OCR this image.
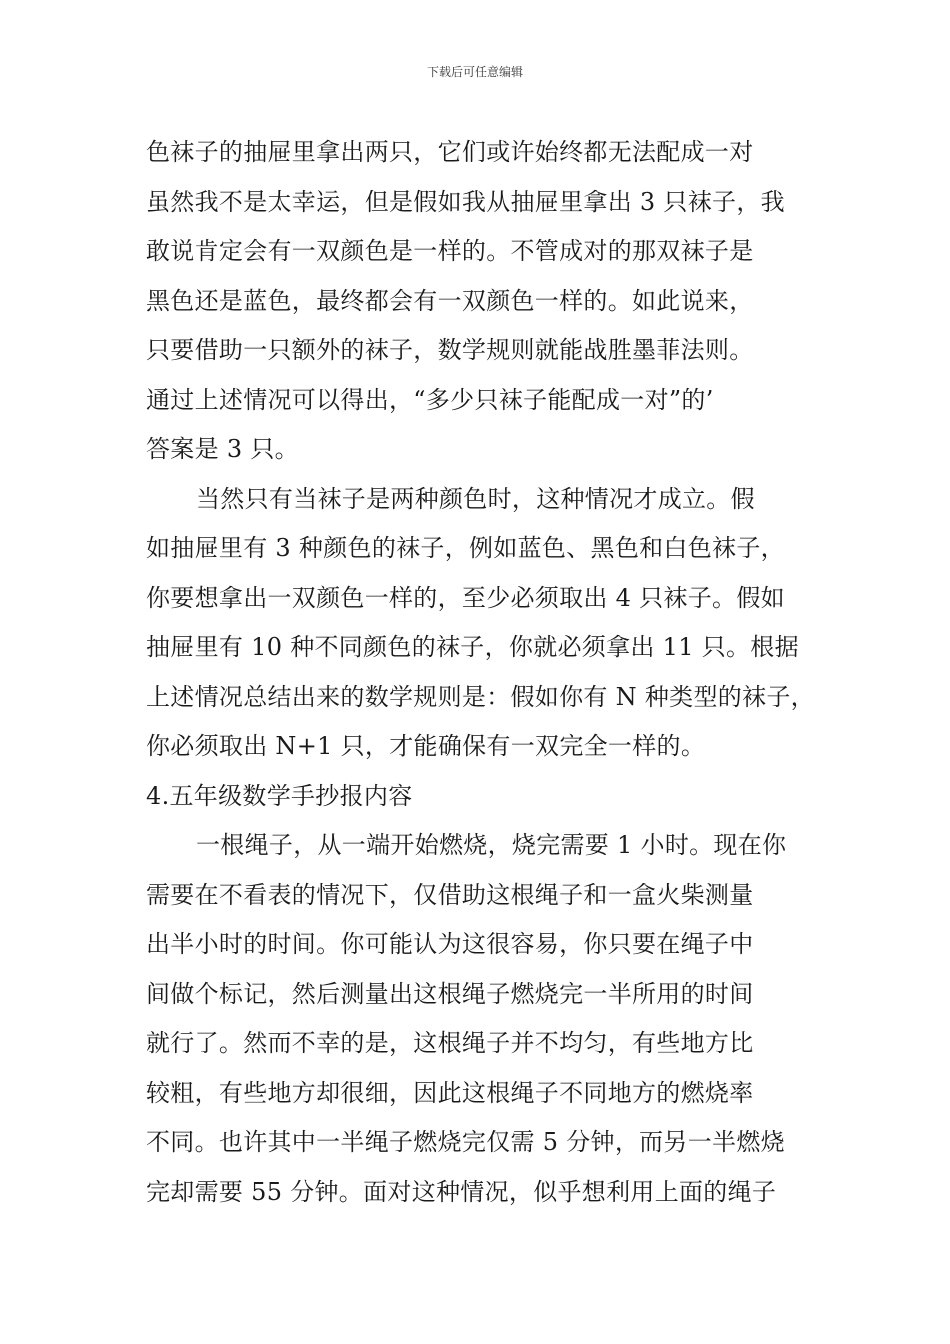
下载后可任意编辑
色袜子的抽屉里拿出两只，它们或许始终都无法配成一对
虽然我不是太幸运，但是假如我从抽屉里拿出 3 只袜子，我
敢说肯定会有一双颜色是一样的。不管成对的那双袜子是
黑色还是蓝色，最终都会有一双颜色一样的。如此说来，
只要借助一只额外的袜子，数学规则就能战胜墨菲法则。
通过上述情况可以得出，“多少只袜子能配成一对”的’
答案是 3 只。
当然只有当袜子是两种颜色时，这种情况才成立。假
如抽屉里有 3 种颜色的袜子，例如蓝色、黑色和白色袜子，
你要想拿出一双颜色一样的，至少必须取出 4 只袜子。假如
抽屉里有 10 种不同颜色的袜子，你就必须拿出 11 只。根据
上述情况总结出来的数学规则是：假如你有 N 种类型的袜子，
你必须取出 N+1 只，才能确保有一双完全一样的。
4.五年级数学手抄报内容
一根绳子，从一端开始燃烧，烧完需要 1 小时。现在你
需要在不看表的情况下，仅借助这根绳子和一盒火柴测量
出半小时的时间。你可能认为这很容易，你只要在绳子中
间做个标记，然后测量出这根绳子燃烧完一半所用的时间
就行了。然而不幸的是，这根绳子并不均匀，有些地方比
较粗，有些地方却很细，因此这根绳子不同地方的燃烧率
不同。也许其中一半绳子燃烧完仅需 5 分钟，而另一半燃烧
完却需要 55 分钟。面对这种情况，似乎想利用上面的绳子
